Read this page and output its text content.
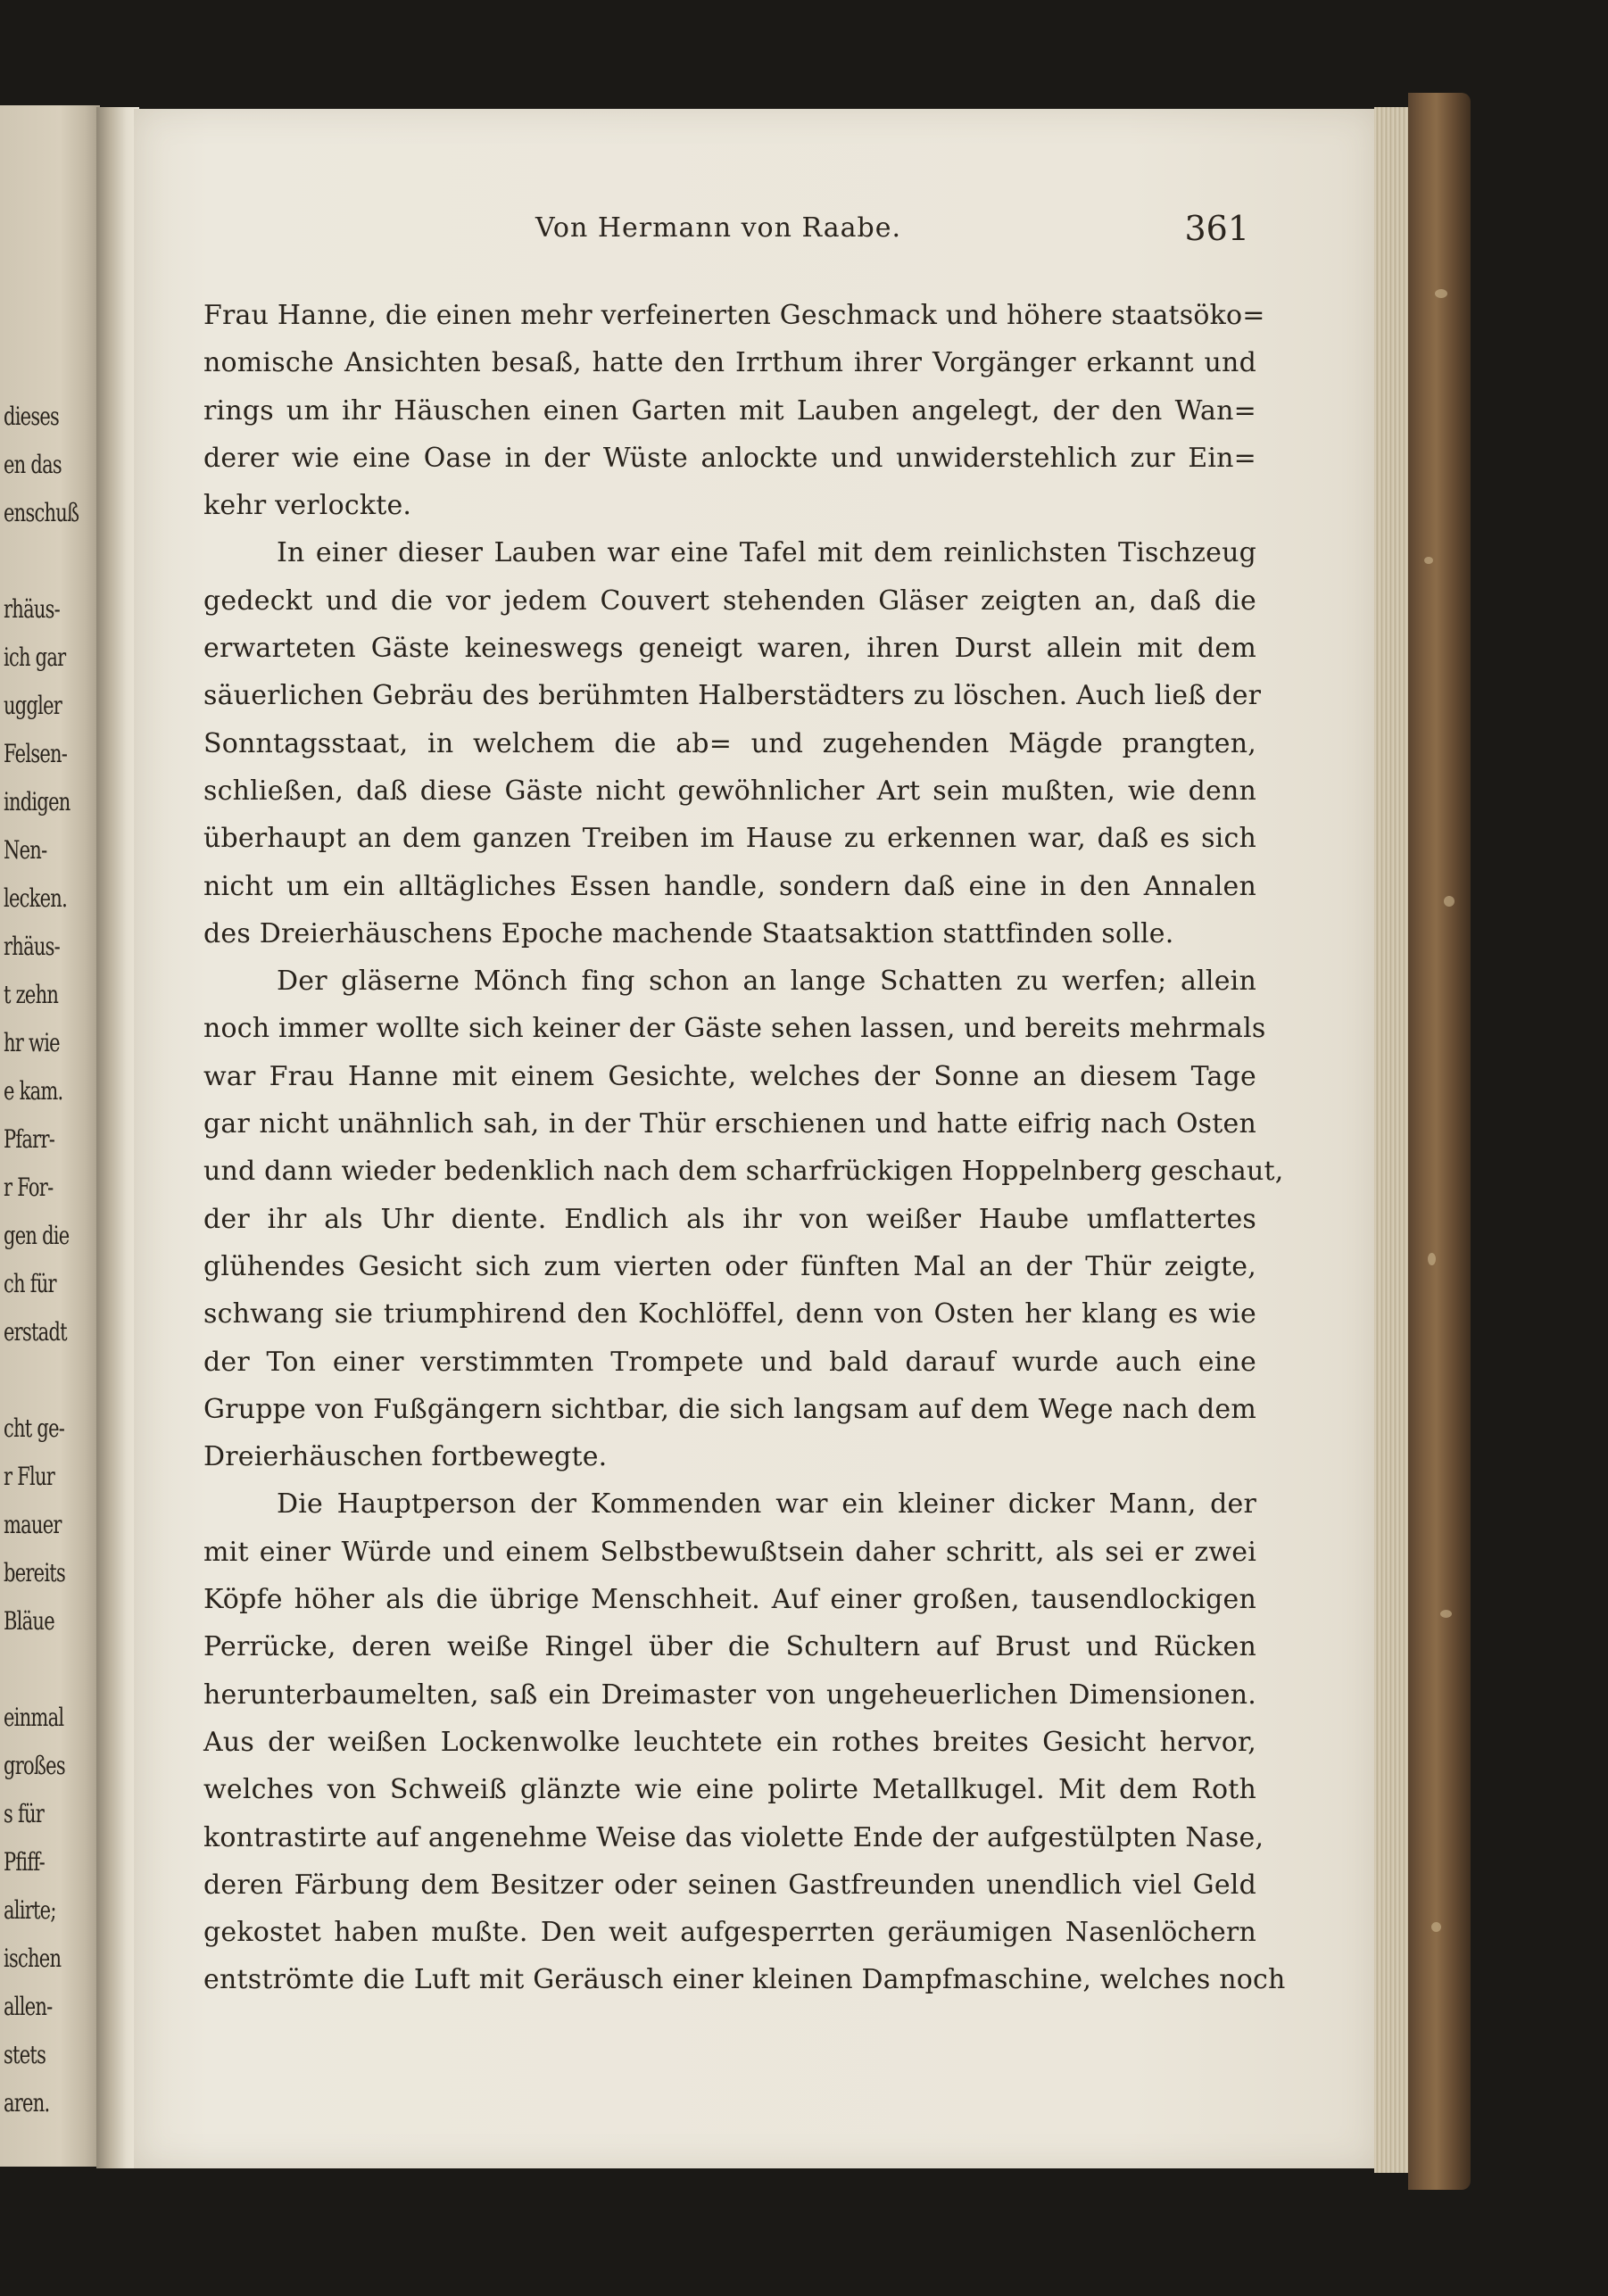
dieses
en das
enschuß
rhäus-
ich gar
uggler
Felsen-
indigen
Nen-
lecken.
rhäus-
t zehn
hr wie
e kam.
Pfarr-
r For-
gen die
ch für
erstadt
cht ge-
r Flur
mauer
bereits
Bläue
einmal
großes
s für
Pfiff-
alirte;
ischen
allen-
stets
aren.
Von Hermann von Raabe.	361
Frau Hanne, die einen mehr verfeinerten Geschmack und höhere staatsöko=
nomische Ansichten besaß, hatte den Irrthum ihrer Vorgänger erkannt und
rings um ihr Häuschen einen Garten mit Lauben angelegt, der den Wan=
derer wie eine Oase in der Wüste anlockte und unwiderstehlich zur Ein=
kehr verlockte.
In einer dieser Lauben war eine Tafel mit dem reinlichsten Tischzeug
gedeckt und die vor jedem Couvert stehenden Gläser zeigten an, daß die
erwarteten Gäste keineswegs geneigt waren, ihren Durst allein mit dem
säuerlichen Gebräu des berühmten Halberstädters zu löschen. Auch ließ der
Sonntagsstaat, in welchem die ab= und zugehenden Mägde prangten,
schließen, daß diese Gäste nicht gewöhnlicher Art sein mußten, wie denn
überhaupt an dem ganzen Treiben im Hause zu erkennen war, daß es sich
nicht um ein alltägliches Essen handle, sondern daß eine in den Annalen
des Dreierhäuschens Epoche machende Staatsaktion stattfinden solle.
Der gläserne Mönch fing schon an lange Schatten zu werfen; allein
noch immer wollte sich keiner der Gäste sehen lassen, und bereits mehrmals
war Frau Hanne mit einem Gesichte, welches der Sonne an diesem Tage
gar nicht unähnlich sah, in der Thür erschienen und hatte eifrig nach Osten
und dann wieder bedenklich nach dem scharfrückigen Hoppelnberg geschaut,
der ihr als Uhr diente. Endlich als ihr von weißer Haube umflattertes
glühendes Gesicht sich zum vierten oder fünften Mal an der Thür zeigte,
schwang sie triumphirend den Kochlöffel, denn von Osten her klang es wie
der Ton einer verstimmten Trompete und bald darauf wurde auch eine
Gruppe von Fußgängern sichtbar, die sich langsam auf dem Wege nach dem
Dreierhäuschen fortbewegte.
Die Hauptperson der Kommenden war ein kleiner dicker Mann, der
mit einer Würde und einem Selbstbewußtsein daher schritt, als sei er zwei
Köpfe höher als die übrige Menschheit. Auf einer großen, tausendlockigen
Perrücke, deren weiße Ringel über die Schultern auf Brust und Rücken
herunterbaumelten, saß ein Dreimaster von ungeheuerlichen Dimensionen.
Aus der weißen Lockenwolke leuchtete ein rothes breites Gesicht hervor,
welches von Schweiß glänzte wie eine polirte Metallkugel. Mit dem Roth
kontrastirte auf angenehme Weise das violette Ende der aufgestülpten Nase,
deren Färbung dem Besitzer oder seinen Gastfreunden unendlich viel Geld
gekostet haben mußte. Den weit aufgesperrten geräumigen Nasenlöchern
entströmte die Luft mit Geräusch einer kleinen Dampfmaschine, welches noch
